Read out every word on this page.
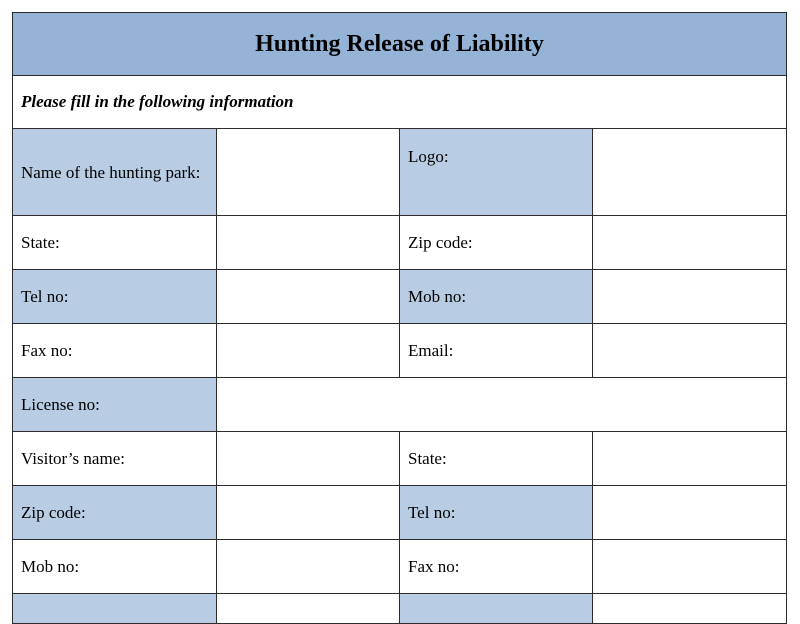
Hunting Release of Liability			
Please fill in the following information			
Name of the hunting park:		Logo:	
State:		Zip code:	
Tel no:		Mob no:	
Fax no:		Email:	
License no:			
Visitor’s name:		State:	
Zip code:		Tel no:	
Mob no:		Fax no:	
